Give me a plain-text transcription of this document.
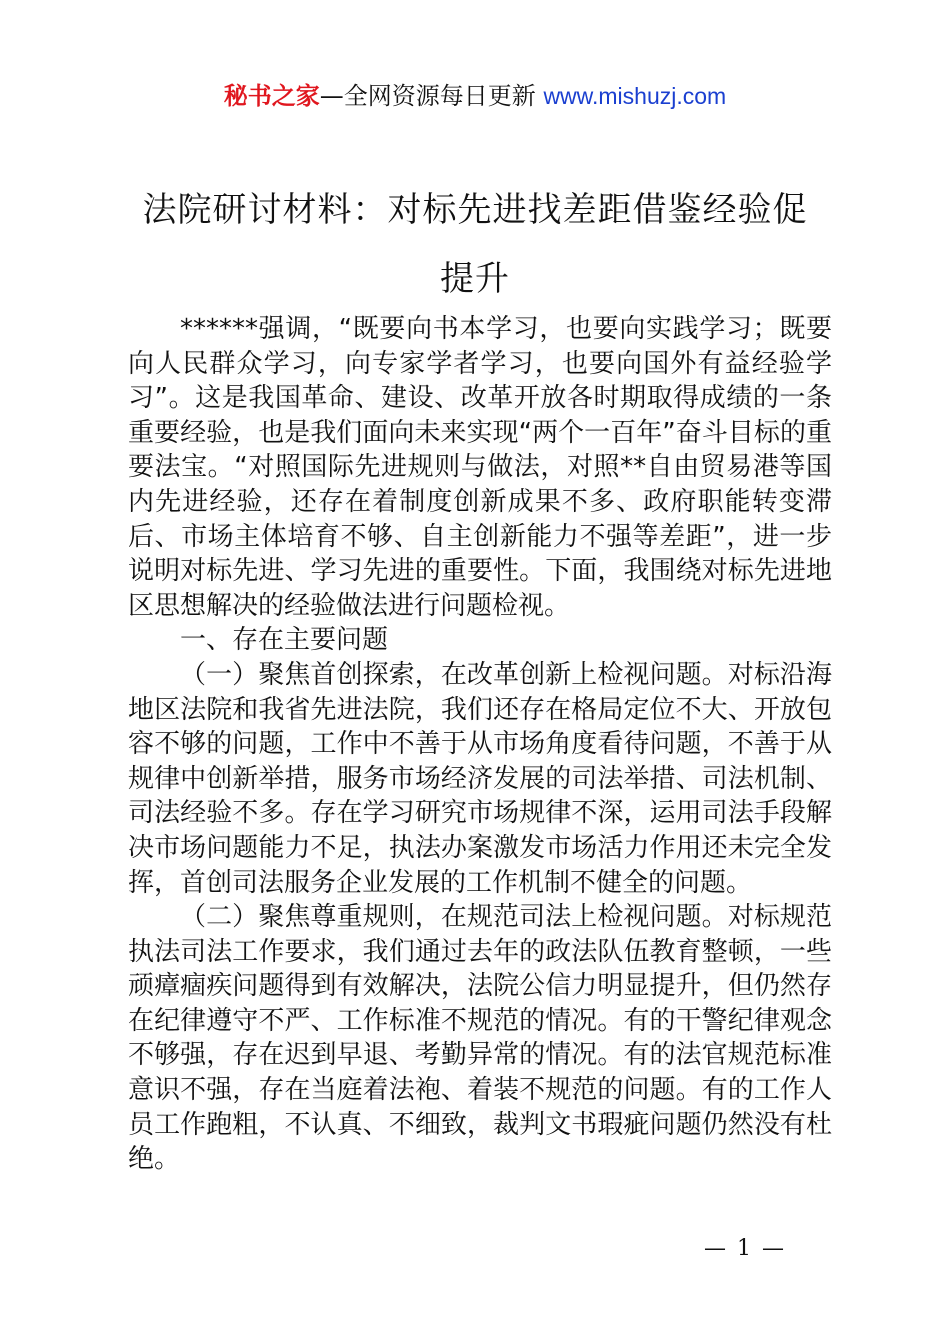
秘书之家—全网资源每日更新 www.mishuzj.com
法院研讨材料：对标先进找差距借鉴经验促提升

******强调，“既要向书本学习，也要向实践学习；既要向人民群众学习，向专家学者学习，也要向国外有益经验学习”。这是我国革命、建设、改革开放各时期取得成绩的一条重要经验，也是我们面向未来实现“两个一百年”奋斗目标的重要法宝。“对照国际先进规则与做法，对照**自由贸易港等国内先进经验，还存在着制度创新成果不多、政府职能转变滞后、市场主体培育不够、自主创新能力不强等差距”，进一步说明对标先进、学习先进的重要性。下面，我围绕对标先进地区思想解决的经验做法进行问题检视。

一、存在主要问题

（一）聚焦首创探索，在改革创新上检视问题。对标沿海地区法院和我省先进法院，我们还存在格局定位不大、开放包容不够的问题，工作中不善于从市场角度看待问题，不善于从规律中创新举措，服务市场经济发展的司法举措、司法机制、司法经验不多。存在学习研究市场规律不深，运用司法手段解决市场问题能力不足，执法办案激发市场活力作用还未完全发挥，首创司法服务企业发展的工作机制不健全的问题。

（二）聚焦尊重规则，在规范司法上检视问题。对标规范执法司法工作要求，我们通过去年的政法队伍教育整顿，一些顽瘴痼疾问题得到有效解决，法院公信力明显提升，但仍然存在纪律遵守不严、工作标准不规范的情况。有的干警纪律观念不够强，存在迟到早退、考勤异常的情况。有的法官规范标准意识不强，存在当庭着法袍、着装不规范的问题。有的工作人员工作跑粗，不认真、不细致，裁判文书瑕疵问题仍然没有杜绝。

— 1 —
